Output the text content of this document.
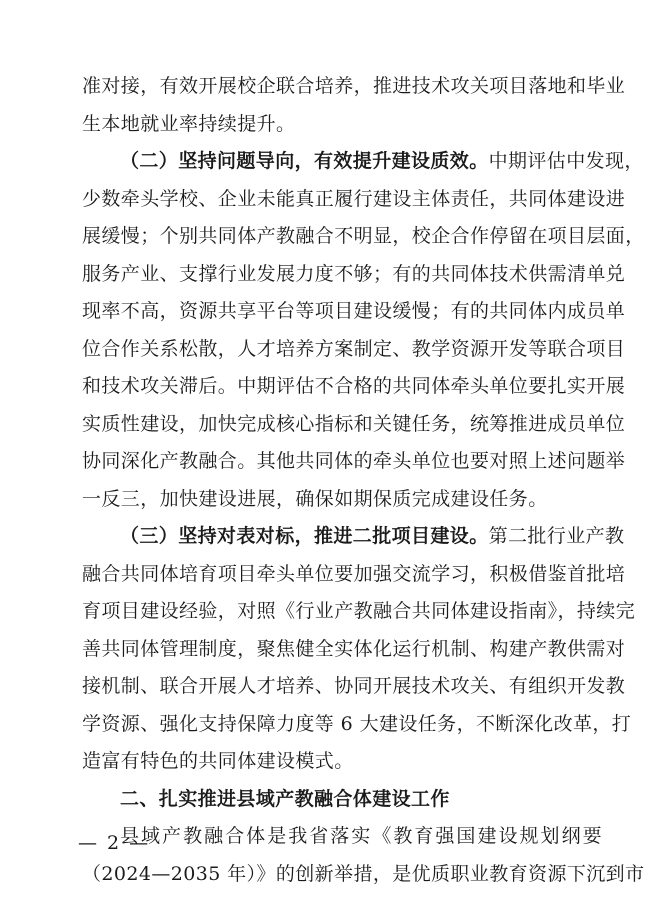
准对接，有效开展校企联合培养，推进技术攻关项目落地和毕业
生本地就业率持续提升。
（二）坚持问题导向，有效提升建设质效。中期评估中发现，
少数牵头学校、企业未能真正履行建设主体责任，共同体建设进
展缓慢；个别共同体产教融合不明显，校企合作停留在项目层面，
服务产业、支撑行业发展力度不够；有的共同体技术供需清单兑
现率不高，资源共享平台等项目建设缓慢；有的共同体内成员单
位合作关系松散，人才培养方案制定、教学资源开发等联合项目
和技术攻关滞后。中期评估不合格的共同体牵头单位要扎实开展
实质性建设，加快完成核心指标和关键任务，统筹推进成员单位
协同深化产教融合。其他共同体的牵头单位也要对照上述问题举
一反三，加快建设进展，确保如期保质完成建设任务。
（三）坚持对表对标，推进二批项目建设。第二批行业产教
融合共同体培育项目牵头单位要加强交流学习，积极借鉴首批培
育项目建设经验，对照《行业产教融合共同体建设指南》，持续完
善共同体管理制度，聚焦健全实体化运行机制、构建产教供需对
接机制、联合开展人才培养、协同开展技术攻关、有组织开发教
学资源、强化支持保障力度等 6 大建设任务，不断深化改革，打
造富有特色的共同体建设模式。
二、扎实推进县域产教融合体建设工作
县域产教融合体是我省落实《教育强国建设规划纲要
（2024—2035 年）》的创新举措，是优质职业教育资源下沉到市
— 2 —
